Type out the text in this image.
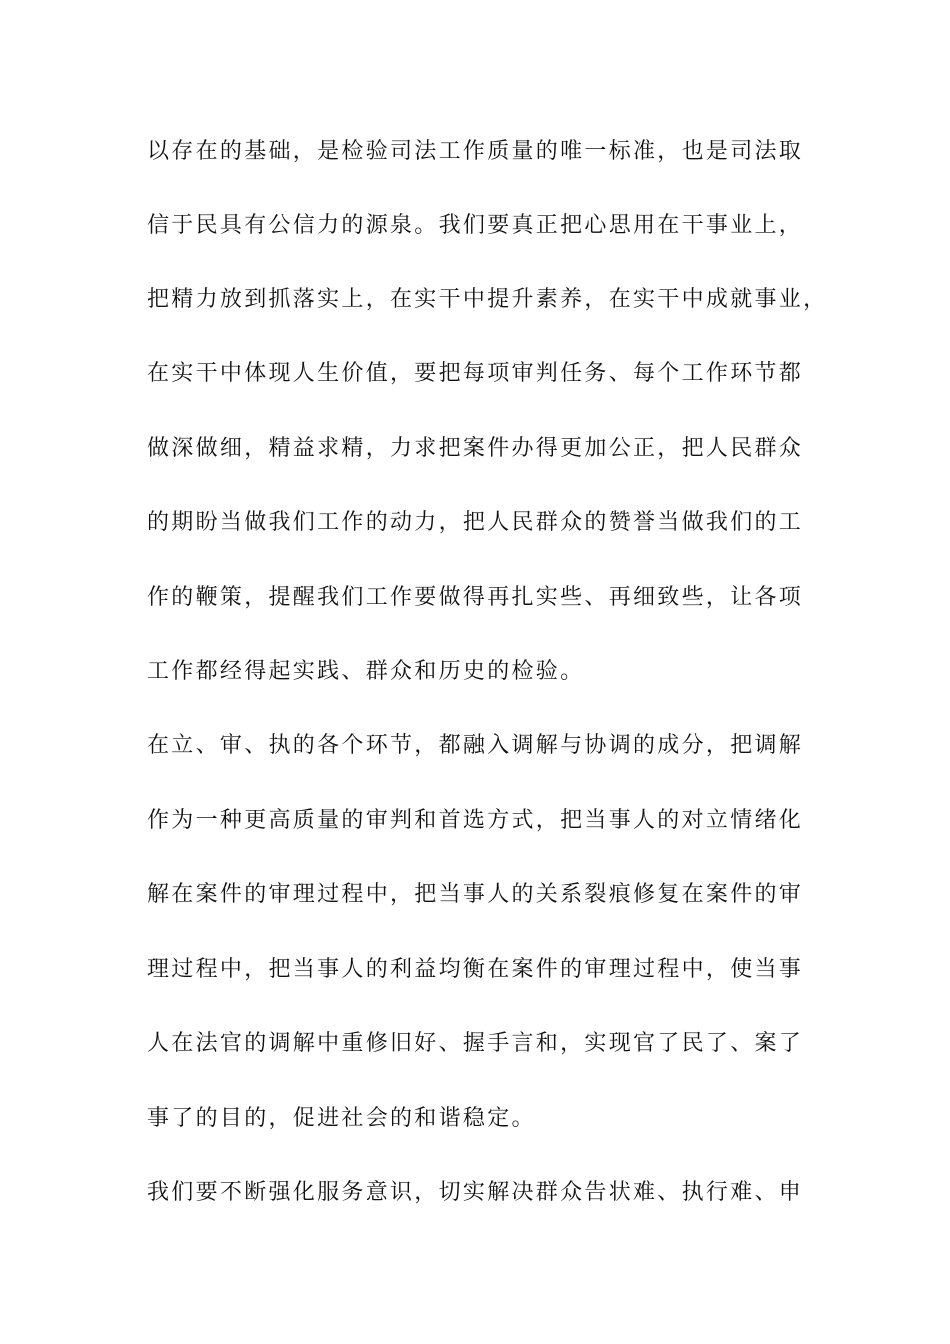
以存在的基础，是检验司法工作质量的唯一标准，也是司法取
信于民具有公信力的源泉。我们要真正把心思用在干事业上，
把精力放到抓落实上，在实干中提升素养，在实干中成就事业，
在实干中体现人生价值，要把每项审判任务、每个工作环节都
做深做细，精益求精，力求把案件办得更加公正，把人民群众
的期盼当做我们工作的动力，把人民群众的赞誉当做我们的工
作的鞭策，提醒我们工作要做得再扎实些、再细致些，让各项
工作都经得起实践、群众和历史的检验。
在立、审、执的各个环节，都融入调解与协调的成分，把调解
作为一种更高质量的审判和首选方式，把当事人的对立情绪化
解在案件的审理过程中，把当事人的关系裂痕修复在案件的审
理过程中，把当事人的利益均衡在案件的审理过程中，使当事
人在法官的调解中重修旧好、握手言和，实现官了民了、案了
事了的目的，促进社会的和谐稳定。
我们要不断强化服务意识，切实解决群众告状难、执行难、申
